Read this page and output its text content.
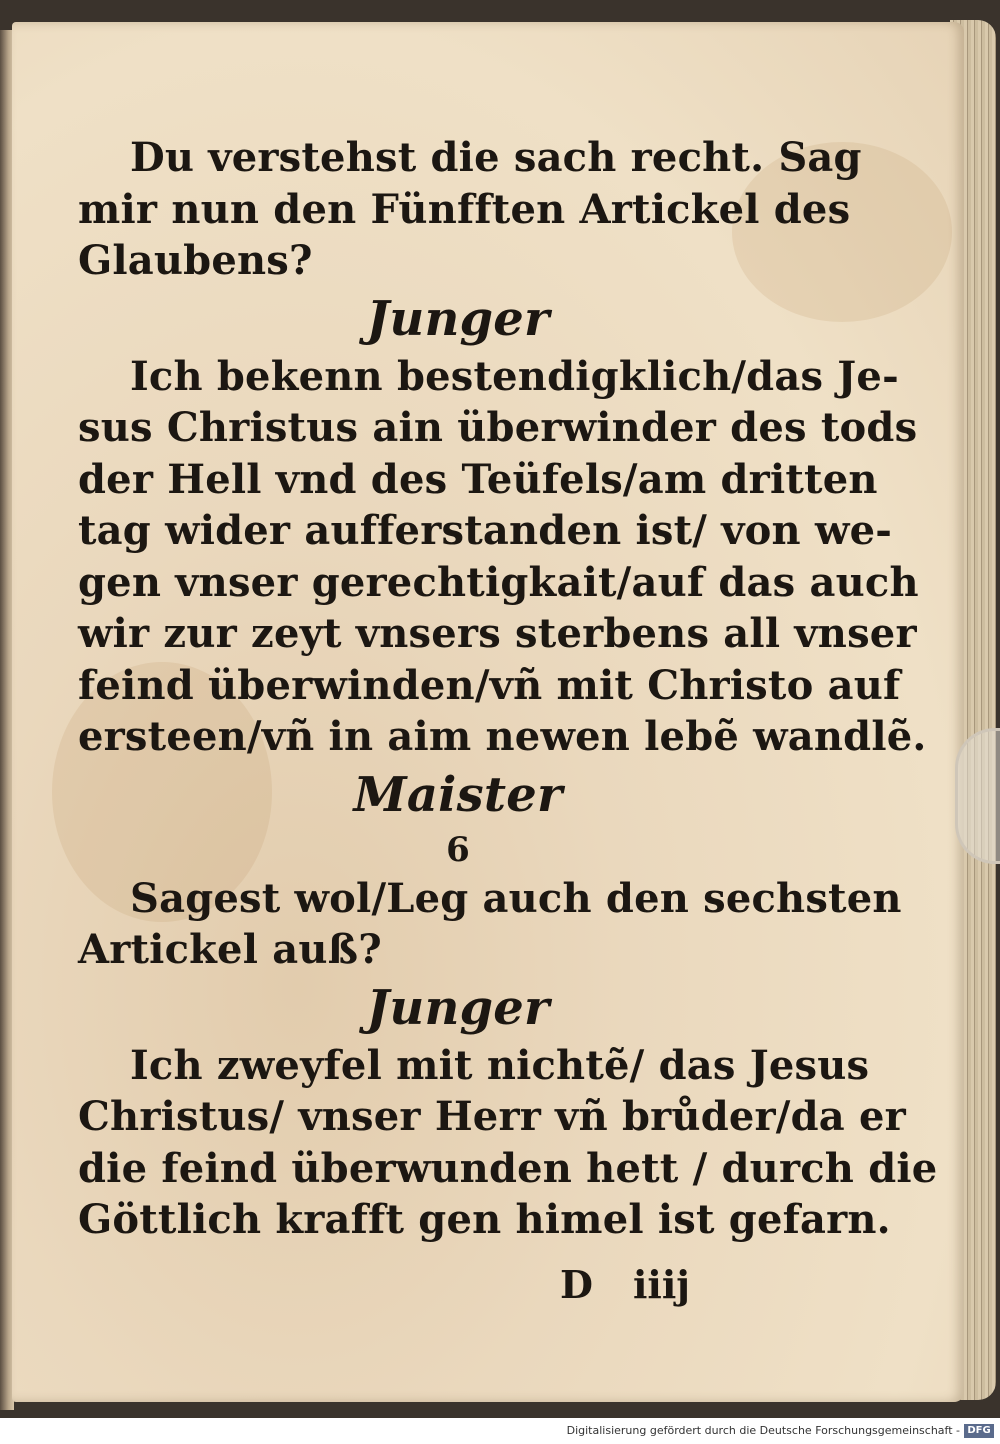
Du verstehst die sach recht. Sag
mir nun den Fünfften Artickel des
Glaubens?
Junger
Ich bekenn bestendigklich/das Je-
sus Christus ain überwinder des tods
der Hell vnd des Teüfels/am dritten
tag wider aufferstanden ist/ von we-
gen vnser gerechtigkait/auf das auch
wir zur zeyt vnsers sterbens all vnser
feind überwinden/vñ mit Christo auf
ersteen/vñ in aim newen lebẽ wandlẽ.
Maister
6
Sagest wol/Leg auch den sechsten
Artickel auß?
Junger
Ich zweyfel mit nichtẽ/ das Jesus
Christus/ vnser Herr vñ brůder/da er
die feind überwunden hett / durch die
Göttlich krafft gen himel ist gefarn.
D iiij
Digitalisierung gefördert durch die Deutsche Forschungsgemeinschaft - DFG
